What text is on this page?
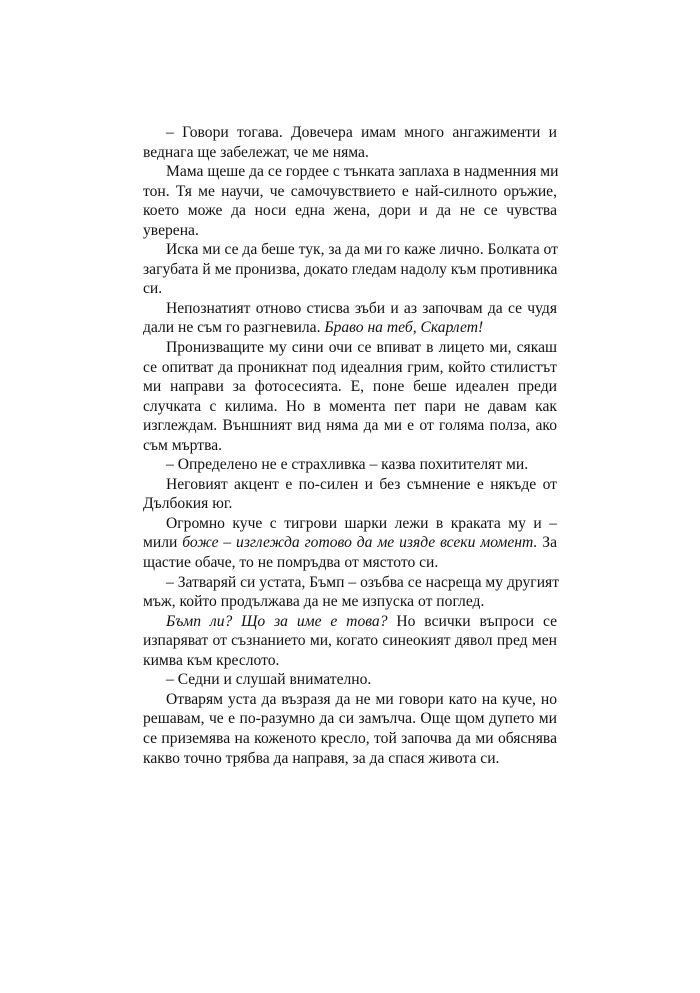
– Говори тогава. Довечера имам много ангажименти и
веднага ще забележат, че ме няма.
Мама щеше да се гордее с тънката заплаха в надменния ми
тон. Тя ме научи, че самочувствието е най-силното оръжие,
което може да носи една жена, дори и да не се чувства
уверена.
Иска ми се да беше тук, за да ми го каже лично. Болката от
загубата й ме пронизва, докато гледам надолу към противника
си.
Непознатият отново стисва зъби и аз започвам да се чудя
дали не съм го разгневила. Браво на теб, Скарлет!
Пронизващите му сини очи се впиват в лицето ми, сякаш
се опитват да проникнат под идеалния грим, който стилистът
ми направи за фотосесията. Е, поне беше идеален преди
случката с килима. Но в момента пет пари не давам как
изглеждам. Външният вид няма да ми е от голяма полза, ако
съм мъртва.
– Определено не е страхливка – казва похитителят ми.
Неговият акцент е по-силен и без съмнение е някъде от
Дълбокия юг.
Огромно куче с тигрови шарки лежи в краката му и –
мили боже – изглежда готово да ме изяде всеки момент. За
щастие обаче, то не помръдва от мястото си.
– Затваряй си устата, Бъмп – озъбва се насреща му другият
мъж, който продължава да не ме изпуска от поглед.
Бъмп ли? Що за име е това? Но всички въпроси се
изпаряват от съзнанието ми, когато синеокият дявол пред мен
кимва към креслото.
– Седни и слушай внимателно.
Отварям уста да възразя да не ми говори като на куче, но
решавам, че е по-разумно да си замълча. Още щом дупето ми
се приземява на коженото кресло, той започва да ми обяснява
какво точно трябва да направя, за да спася живота си.
